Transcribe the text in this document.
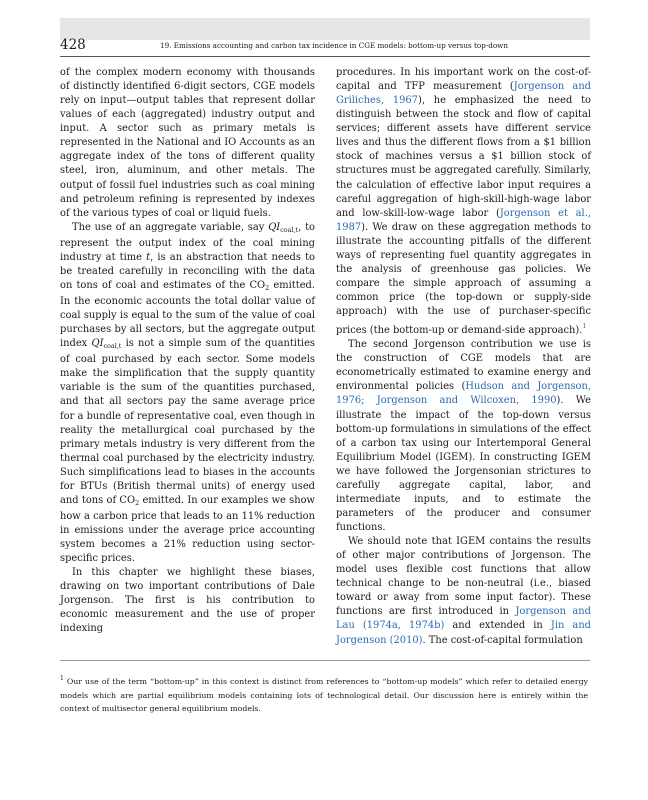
428	19. Emissions accounting and carbon tax incidence in CGE models: bottom-up versus top-down

of the complex modern economy with thousands of distinctly identified 6-digit sectors, CGE models rely on input—output tables that represent dollar values of each (aggregated) industry output and input. A sector such as primary metals is represented in the National and IO Accounts as an aggregate index of the tons of different quality steel, iron, aluminum, and other metals. The output of fossil fuel industries such as coal mining and petroleum refining is represented by indexes of the various types of coal or liquid fuels.

The use of an aggregate variable, say $QI_{coal,t}$, to represent the output index of the coal mining industry at time t, is an abstraction that needs to be treated carefully in reconciling with the data on tons of coal and estimates of the $CO_2$ emitted. In the economic accounts the total dollar value of coal supply is equal to the sum of the value of coal purchases by all sectors, but the aggregate output index $QI_{coal,t}$ is not a simple sum of the quantities of coal purchased by each sector. Some models make the simplification that the supply quantity variable is the sum of the quantities purchased, and that all sectors pay the same average price for a bundle of representative coal, even though in reality the metallurgical coal purchased by the primary metals industry is very different from the thermal coal purchased by the electricity industry. Such simplifications lead to biases in the accounts for BTUs (British thermal units) of energy used and tons of $CO_2$ emitted. In our examples we show how a carbon price that leads to an 11% reduction in emissions under the average price accounting system becomes a 21% reduction using sector-specific prices.

In this chapter we highlight these biases, drawing on two important contributions of Dale Jorgenson. The first is his contribution to economic measurement and the use of proper indexing

procedures. In his important work on the cost-of-capital and TFP measurement (Jorgenson and Griliches, 1967), he emphasized the need to distinguish between the stock and flow of capital services; different assets have different service lives and thus the different flows from a $1 billion stock of machines versus a $1 billion stock of structures must be aggregated carefully. Similarly, the calculation of effective labor input requires a careful aggregation of high-skill-high-wage labor and low-skill-low-wage labor (Jorgenson et al., 1987). We draw on these aggregation methods to illustrate the accounting pitfalls of the different ways of representing fuel quantity aggregates in the analysis of greenhouse gas policies. We compare the simple approach of assuming a common price (the top-down or supply-side approach) with the use of purchaser-specific prices (the bottom-up or demand-side approach).$^1$

The second Jorgenson contribution we use is the construction of CGE models that are econometrically estimated to examine energy and environmental policies (Hudson and Jorgenson, 1976; Jorgenson and Wilcoxen, 1990). We illustrate the impact of the top-down versus bottom-up formulations in simulations of the effect of a carbon tax using our Intertemporal General Equilibrium Model (IGEM). In constructing IGEM we have followed the Jorgensonian strictures to carefully aggregate capital, labor, and intermediate inputs, and to estimate the parameters of the producer and consumer functions.

We should note that IGEM contains the results of other major contributions of Jorgenson. The model uses flexible cost functions that allow technical change to be non-neutral (i.e., biased toward or away from some input factor). These functions are first introduced in Jorgenson and Lau (1974a, 1974b) and extended in Jin and Jorgenson (2010). The cost-of-capital formulation

$^1$ Our use of the term “bottom-up” in this context is distinct from references to “bottom-up models” which refer to detailed energy models which are partial equilibrium models containing lots of technological detail. Our discussion here is entirely within the context of multisector general equilibrium models.
